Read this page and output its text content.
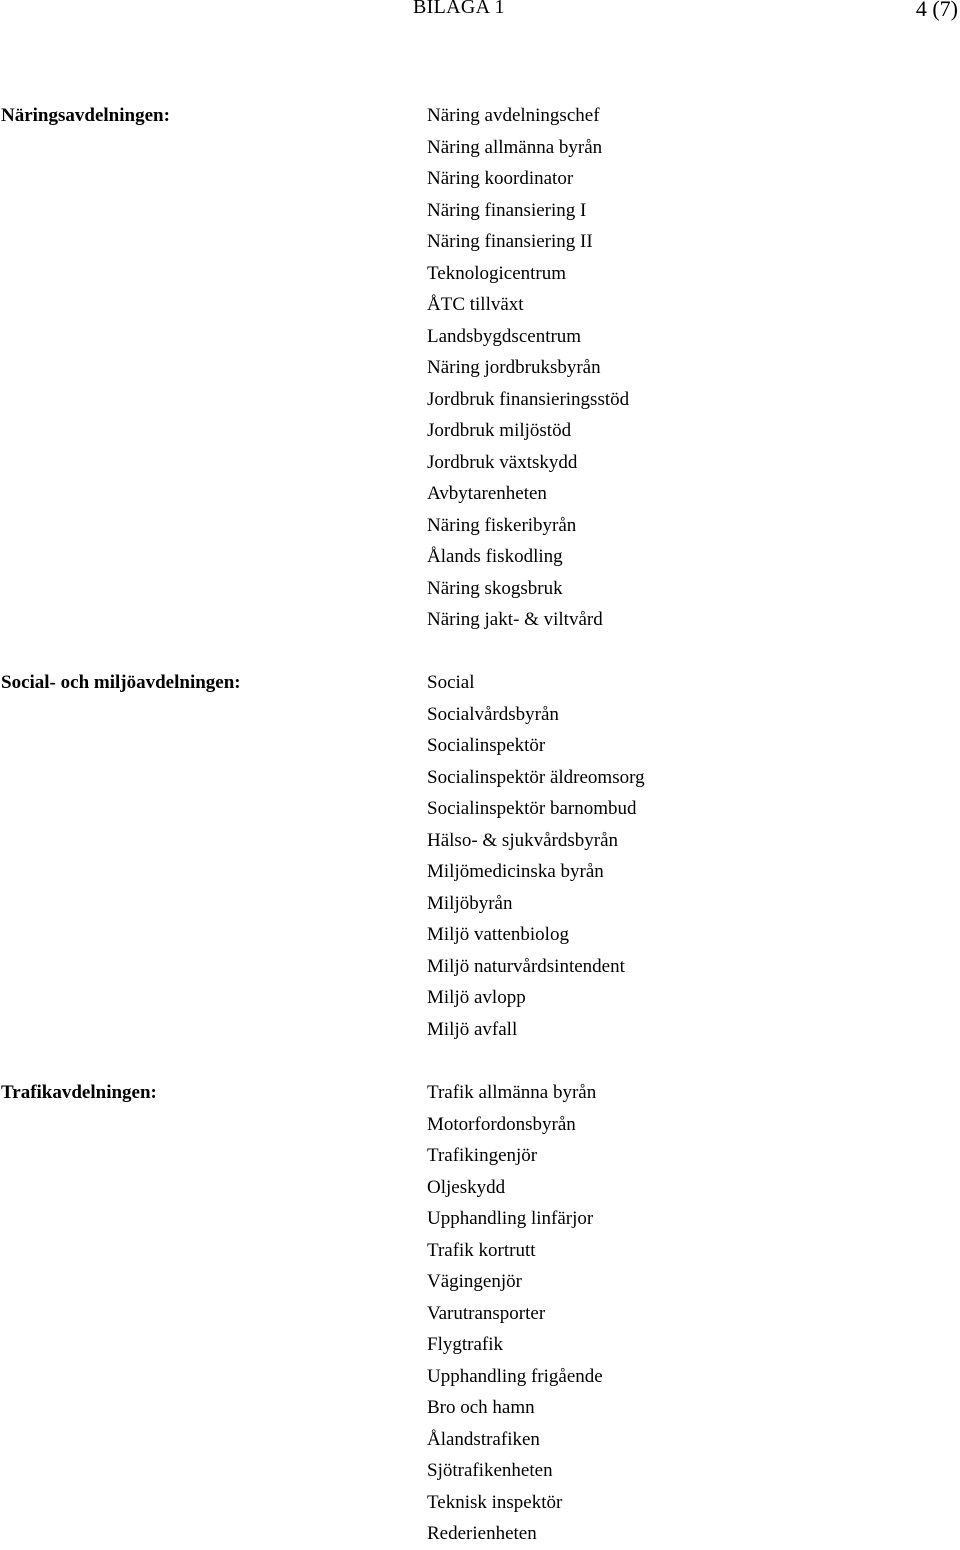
BILAGA 1	4 (7)
Näringsavdelningen:	Näring avdelningschef
Näring allmänna byrån
Näring koordinator
Näring finansiering I
Näring finansiering II
Teknologicentrum
ÅTC tillväxt
Landsbygdscentrum
Näring jordbruksbyrån
Jordbruk finansieringsstöd
Jordbruk miljöstöd
Jordbruk växtskydd
Avbytarenheten
Näring fiskeribyrån
Ålands fiskodling
Näring skogsbruk
Näring jakt- & viltvård
Social- och miljöavdelningen:	Social
Socialvårdsbyrån
Socialinspektör
Socialinspektör äldreomsorg
Socialinspektör barnombud
Hälso- & sjukvårdsbyrån
Miljömedicinska byrån
Miljöbyrån
Miljö vattenbiolog
Miljö naturvårdsintendent
Miljö avlopp
Miljö avfall
Trafikavdelningen:	Trafik allmänna byrån
Motorfordonsbyrån
Trafikingenjör
Oljeskydd
Upphandling linfärjor
Trafik kortrutt
Vägingenjör
Varutransporter
Flygtrafik
Upphandling frigående
Bro och hamn
Ålandstrafiken
Sjötrafikenheten
Teknisk inspektör
Rederienheten
